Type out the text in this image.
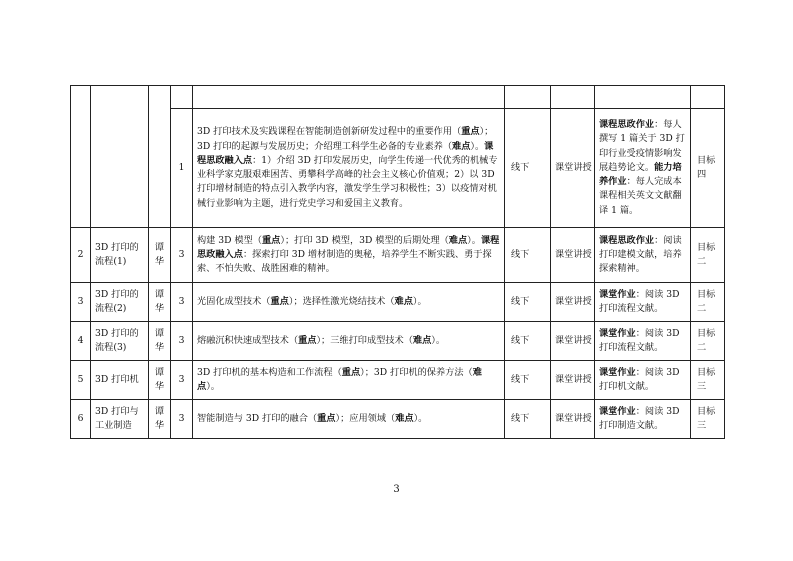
			1	3D 打印技术及实践课程在智能制造创新研发过程中的重要作用（重点）；3D 打印的起源与发展历史；介绍理工科学生必备的专业素养（难点）。课程思政融入点：1）介绍 3D 打印发展历史，向学生传递一代优秀的机械专业科学家克服艰难困苦、勇攀科学高峰的社会主义核心价值观；2）以 3D 打印增材制造的特点引入教学内容，激发学生学习积极性；3）以疫情对机械行业影响为主题，进行党史学习和爱国主义教育。	线下	课堂讲授	课程思政作业：每人撰写 1 篇关于 3D 打印行业受疫情影响发展趋势论文。能力培养作业：每人完成本课程相关英文文献翻译 1 篇。	目标四
2	3D 打印的流程(1)	谭华	3	构建 3D 模型（重点）；打印 3D 模型，3D 模型的后期处理（难点）。课程思政融入点：探索打印 3D 增材制造的奥秘，培养学生不断实践、勇于探索、不怕失败、战胜困难的精神。	线下	课堂讲授	课程思政作业：阅读打印建模文献，培养探索精神。	目标二
3	3D 打印的流程(2)	谭华	3	光固化成型技术（重点）；选择性激光烧结技术（难点）。	线下	课堂讲授	课堂作业：阅读 3D 打印流程文献。	目标二
4	3D 打印的流程(3)	谭华	3	熔融沉积快速成型技术（重点）；三维打印成型技术（难点）。	线下	课堂讲授	课堂作业：阅读 3D 打印流程文献。	目标二
5	3D 打印机	谭华	3	3D 打印机的基本构造和工作流程（重点）；3D 打印机的保养方法（难点）。	线下	课堂讲授	课堂作业：阅读 3D 打印机文献。	目标三
6	3D 打印与工业制造	谭华	3	智能制造与 3D 打印的融合（重点）；应用领域（难点）。	线下	课堂讲授	课堂作业：阅读 3D 打印制造文献。	目标三
3
